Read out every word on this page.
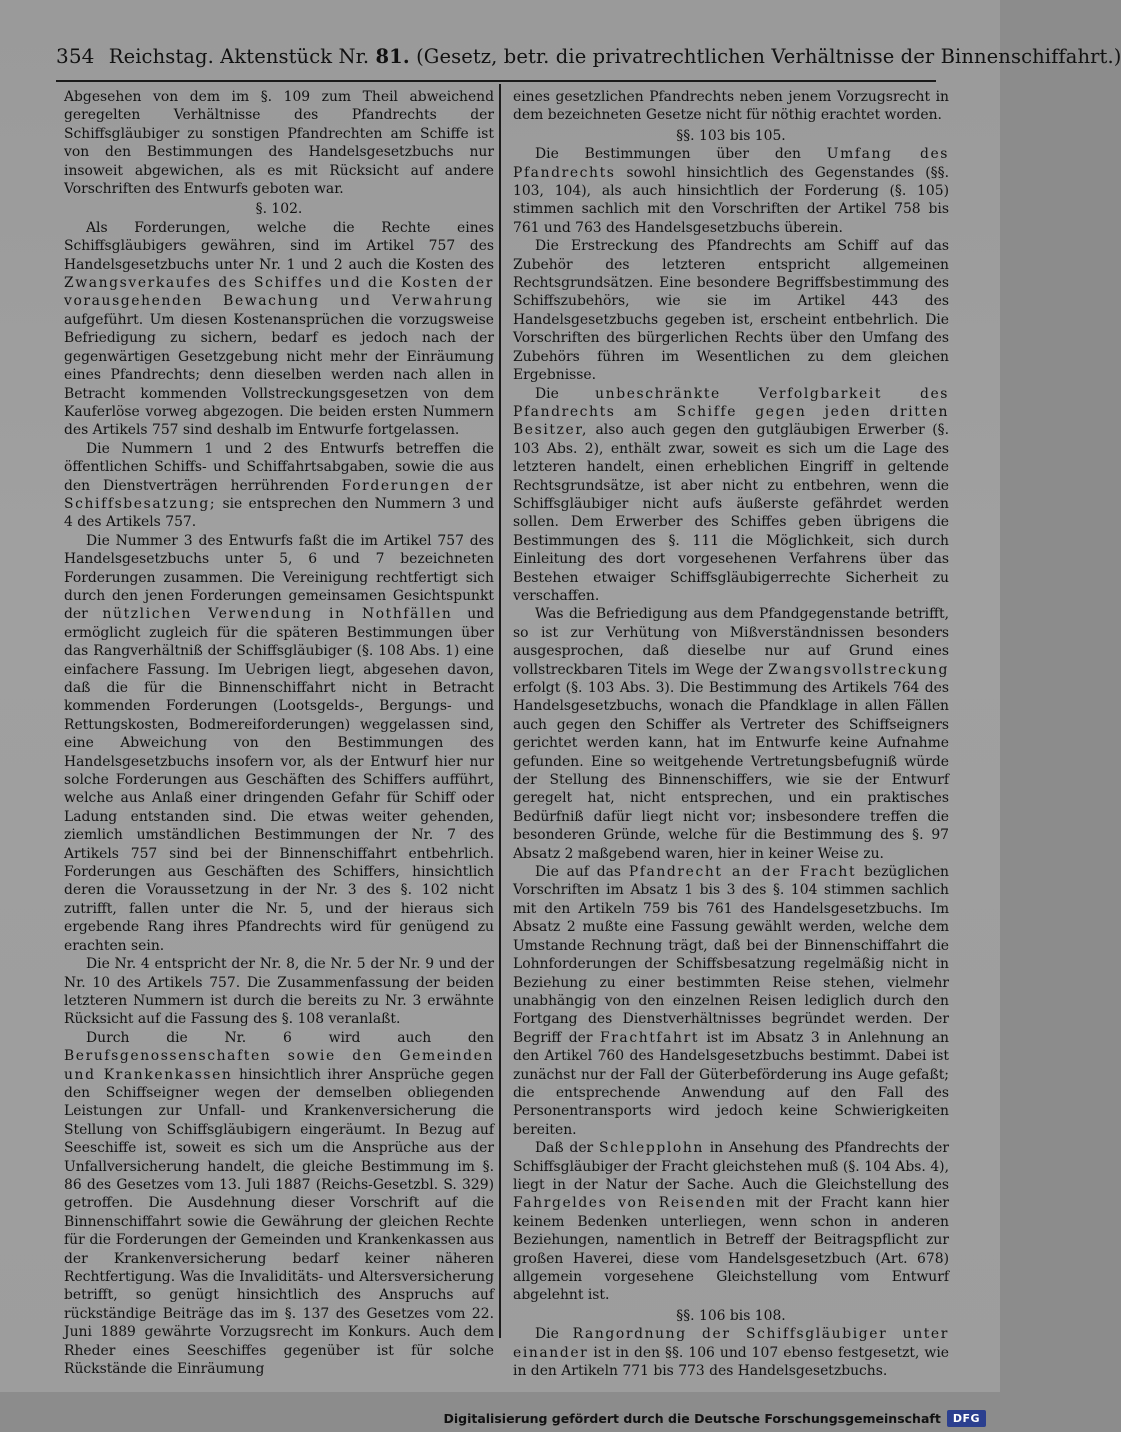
354 Reichstag. Aktenstück Nr. 81. (Gesetz, betr. die privatrechtlichen Verhältnisse der Binnenschiffahrt.)

Abgesehen von dem im §. 109 zum Theil abweichend geregelten Verhältnisse des Pfandrechts der Schiffsgläubiger zu sonstigen Pfandrechten am Schiffe ist von den Bestimmungen des Handelsgesetzbuchs nur insoweit abgewichen, als es mit Rücksicht auf andere Vorschriften des Entwurfs geboten war.

§. 102.

Als Forderungen, welche die Rechte eines Schiffsgläubigers gewähren, sind im Artikel 757 des Handelsgesetzbuchs unter Nr. 1 und 2 auch die Kosten des Zwangsverkaufes des Schiffes und die Kosten der vorausgehenden Bewachung und Verwahrung aufgeführt. Um diesen Kostenansprüchen die vorzugsweise Befriedigung zu sichern, bedarf es jedoch nach der gegenwärtigen Gesetzgebung nicht mehr der Einräumung eines Pfandrechts; denn dieselben werden nach allen in Betracht kommenden Vollstreckungsgesetzen von dem Kauferlöse vorweg abgezogen. Die beiden ersten Nummern des Artikels 757 sind deshalb im Entwurfe fortgelassen.

Die Nummern 1 und 2 des Entwurfs betreffen die öffentlichen Schiffs- und Schiffahrtsabgaben, sowie die aus den Dienstverträgen herrührenden Forderungen der Schiffsbesatzung; sie entsprechen den Nummern 3 und 4 des Artikels 757.

Die Nummer 3 des Entwurfs faßt die im Artikel 757 des Handelsgesetzbuchs unter 5, 6 und 7 bezeichneten Forderungen zusammen. Die Vereinigung rechtfertigt sich durch den jenen Forderungen gemeinsamen Gesichtspunkt der nützlichen Verwendung in Nothfällen und ermöglicht zugleich für die späteren Bestimmungen über das Rangverhältniß der Schiffsgläubiger (§. 108 Abs. 1) eine einfachere Fassung. Im Uebrigen liegt, abgesehen davon, daß die für die Binnenschiffahrt nicht in Betracht kommenden Forderungen (Lootsgelds-, Bergungs- und Rettungskosten, Bodmereiforderungen) weggelassen sind, eine Abweichung von den Bestimmungen des Handelsgesetzbuchs insofern vor, als der Entwurf hier nur solche Forderungen aus Geschäften des Schiffers aufführt, welche aus Anlaß einer dringenden Gefahr für Schiff oder Ladung entstanden sind. Die etwas weiter gehenden, ziemlich umständlichen Bestimmungen der Nr. 7 des Artikels 757 sind bei der Binnenschiffahrt entbehrlich. Forderungen aus Geschäften des Schiffers, hinsichtlich deren die Voraussetzung in der Nr. 3 des §. 102 nicht zutrifft, fallen unter die Nr. 5, und der hieraus sich ergebende Rang ihres Pfandrechts wird für genügend zu erachten sein.

Die Nr. 4 entspricht der Nr. 8, die Nr. 5 der Nr. 9 und der Nr. 10 des Artikels 757. Die Zusammenfassung der beiden letzteren Nummern ist durch die bereits zu Nr. 3 erwähnte Rücksicht auf die Fassung des §. 108 veranlaßt.

Durch die Nr. 6 wird auch den Berufsgenossenschaften sowie den Gemeinden und Krankenkassen hinsichtlich ihrer Ansprüche gegen den Schiffseigner wegen der demselben obliegenden Leistungen zur Unfall- und Krankenversicherung die Stellung von Schiffsgläubigern eingeräumt. In Bezug auf Seeschiffe ist, soweit es sich um die Ansprüche aus der Unfallversicherung handelt, die gleiche Bestimmung im §. 86 des Gesetzes vom 13. Juli 1887 (Reichs-Gesetzbl. S. 329) getroffen. Die Ausdehnung dieser Vorschrift auf die Binnenschiffahrt sowie die Gewährung der gleichen Rechte für die Forderungen der Gemeinden und Krankenkassen aus der Krankenversicherung bedarf keiner näheren Rechtfertigung. Was die Invaliditäts- und Altersversicherung betrifft, so genügt hinsichtlich des Anspruchs auf rückständige Beiträge das im §. 137 des Gesetzes vom 22. Juni 1889 gewährte Vorzugsrecht im Konkurs. Auch dem Rheder eines Seeschiffes gegenüber ist für solche Rückstände die Einräumung

eines gesetzlichen Pfandrechts neben jenem Vorzugsrecht in dem bezeichneten Gesetze nicht für nöthig erachtet worden.

§§. 103 bis 105.

Die Bestimmungen über den Umfang des Pfandrechts sowohl hinsichtlich des Gegenstandes (§§. 103, 104), als auch hinsichtlich der Forderung (§. 105) stimmen sachlich mit den Vorschriften der Artikel 758 bis 761 und 763 des Handelsgesetzbuchs überein.

Die Erstreckung des Pfandrechts am Schiff auf das Zubehör des letzteren entspricht allgemeinen Rechtsgrundsätzen. Eine besondere Begriffsbestimmung des Schiffszubehörs, wie sie im Artikel 443 des Handelsgesetzbuchs gegeben ist, erscheint entbehrlich. Die Vorschriften des bürgerlichen Rechts über den Umfang des Zubehörs führen im Wesentlichen zu dem gleichen Ergebnisse.

Die	unbeschränkte Verfolgbarkeit des Pfandrechts am Schiffe gegen jeden dritten Besitzer, also auch gegen den gutgläubigen Erwerber (§. 103 Abs. 2), enthält zwar, soweit es sich um die Lage des letzteren handelt, einen erheblichen Eingriff in geltende Rechtsgrundsätze, ist aber nicht zu entbehren, wenn die Schiffsgläubiger nicht aufs äußerste gefährdet werden sollen. Dem Erwerber des Schiffes geben übrigens die Bestimmungen des §. 111 die Möglichkeit, sich durch Einleitung des dort vorgesehenen Verfahrens über das Bestehen etwaiger Schiffsgläubigerrechte Sicherheit zu verschaffen.

Was die Befriedigung aus dem Pfandgegenstande betrifft, so ist zur Verhütung von Mißverständnissen besonders ausgesprochen, daß dieselbe nur auf Grund eines vollstreckbaren Titels im Wege der Zwangsvollstreckung erfolgt (§. 103 Abs. 3). Die Bestimmung des Artikels 764 des Handelsgesetzbuchs, wonach die Pfandklage in allen Fällen auch gegen den Schiffer als Vertreter des Schiffseigners gerichtet werden kann, hat im Entwurfe keine Aufnahme gefunden. Eine so weitgehende Vertretungsbefugniß würde der Stellung des Binnenschiffers, wie sie der Entwurf geregelt hat, nicht entsprechen, und ein praktisches Bedürfniß dafür liegt nicht vor; insbesondere treffen die besonderen Gründe, welche für die Bestimmung des §. 97 Absatz 2 maßgebend waren, hier in keiner Weise zu.

Die auf das Pfandrecht an der Fracht bezüglichen Vorschriften im Absatz 1 bis 3 des §. 104 stimmen sachlich mit den Artikeln 759 bis 761 des Handelsgesetzbuchs. Im Absatz 2 mußte eine Fassung gewählt werden, welche dem Umstande Rechnung trägt, daß bei der Binnenschiffahrt die Lohnforderungen der Schiffsbesatzung regelmäßig nicht in Beziehung zu einer bestimmten Reise stehen, vielmehr unabhängig von den einzelnen Reisen lediglich durch den Fortgang des Dienstverhältnisses begründet werden. Der Begriff der Frachtfahrt ist im Absatz 3 in Anlehnung an den Artikel 760 des Handelsgesetzbuchs bestimmt. Dabei ist zunächst nur der Fall der Güterbeförderung ins Auge gefaßt; die entsprechende Anwendung auf den Fall des Personentransports wird jedoch keine Schwierigkeiten bereiten.

Daß der Schlepplohn in Ansehung des Pfandrechts der Schiffsgläubiger der Fracht gleichstehen muß (§. 104 Abs. 4), liegt in der Natur der Sache. Auch die Gleichstellung des Fahrgeldes von Reisenden mit der Fracht kann hier keinem Bedenken unterliegen, wenn schon in anderen Beziehungen, namentlich in Betreff der Beitragspflicht zur großen Haverei, diese vom Handelsgesetzbuch (Art. 678) allgemein vorgesehene Gleichstellung vom Entwurf abgelehnt ist.

§§. 106 bis 108.

Die Rangordnung der Schiffsgläubiger unter einander ist in den §§. 106 und 107 ebenso festgesetzt, wie in den Artikeln 771 bis 773 des Handelsgesetzbuchs.

Digitalisierung gefördert durch die Deutsche Forschungsgemeinschaft	DFG
